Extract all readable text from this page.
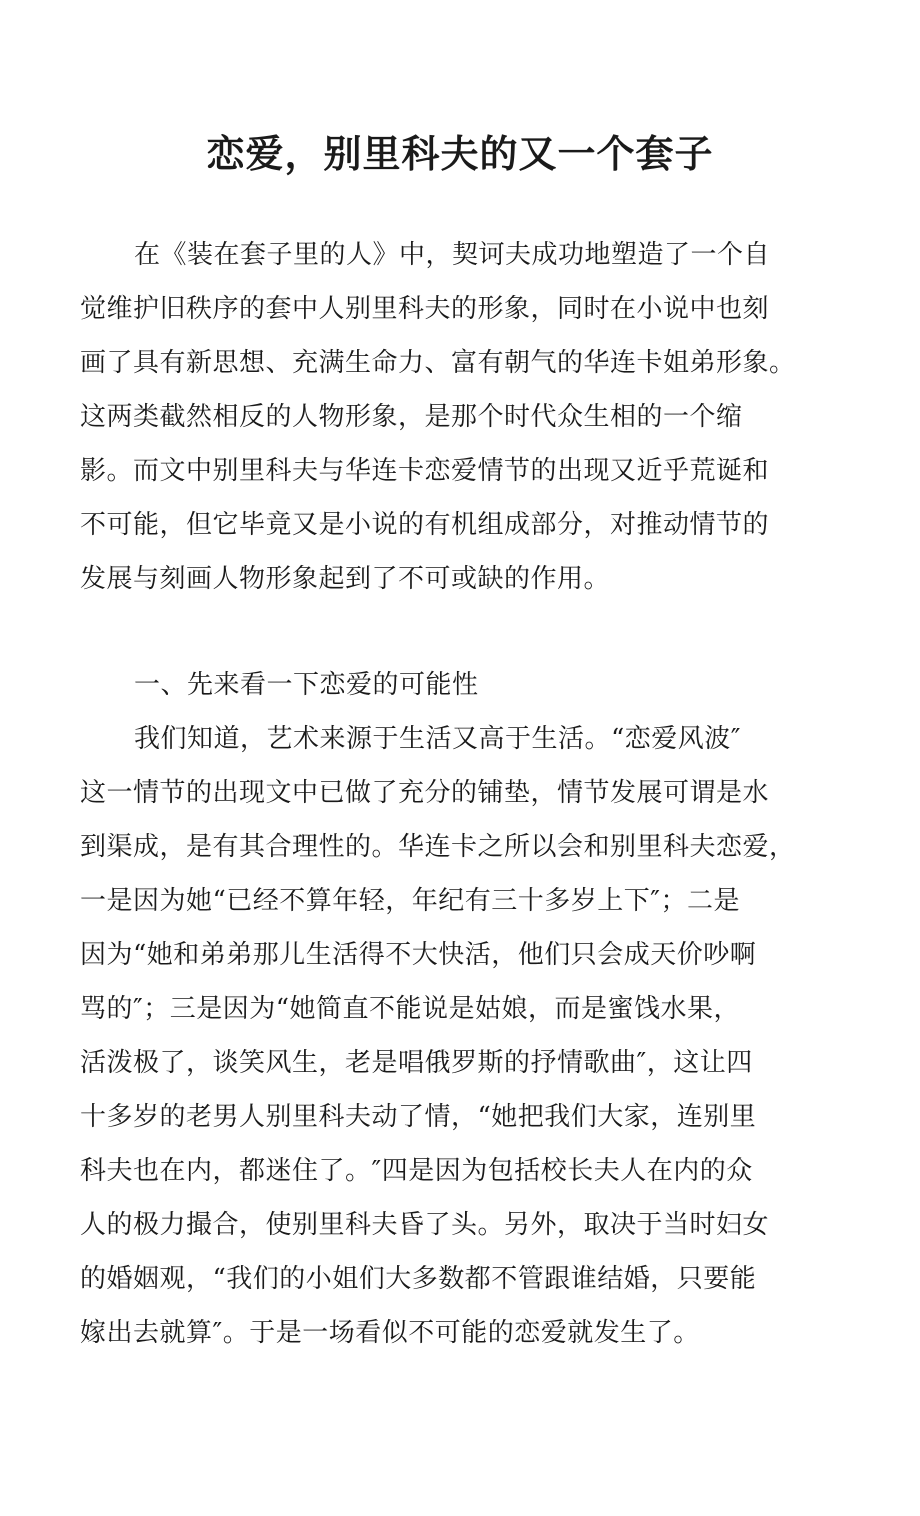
恋爱，别里科夫的又一个套子
在《装在套子里的人》中，契诃夫成功地塑造了一个自
觉维护旧秩序的套中人别里科夫的形象，同时在小说中也刻
画了具有新思想、充满生命力、富有朝气的华连卡姐弟形象。
这两类截然相反的人物形象，是那个时代众生相的一个缩
影。而文中别里科夫与华连卡恋爱情节的出现又近乎荒诞和
不可能，但它毕竟又是小说的有机组成部分，对推动情节的
发展与刻画人物形象起到了不可或缺的作用。
一、先来看一下恋爱的可能性
我们知道，艺术来源于生活又高于生活。“恋爱风波″
这一情节的出现文中已做了充分的铺垫，情节发展可谓是水
到渠成，是有其合理性的。华连卡之所以会和别里科夫恋爱，
一是因为她“已经不算年轻，年纪有三十多岁上下″；二是
因为“她和弟弟那儿生活得不大快活，他们只会成天价吵啊
骂的″；三是因为“她简直不能说是姑娘，而是蜜饯水果，
活泼极了，谈笑风生，老是唱俄罗斯的抒情歌曲″，这让四
十多岁的老男人别里科夫动了情，“她把我们大家，连别里
科夫也在内，都迷住了。″四是因为包括校长夫人在内的众
人的极力撮合，使别里科夫昏了头。另外，取决于当时妇女
的婚姻观，“我们的小姐们大多数都不管跟谁结婚，只要能
嫁出去就算″。于是一场看似不可能的恋爱就发生了。
